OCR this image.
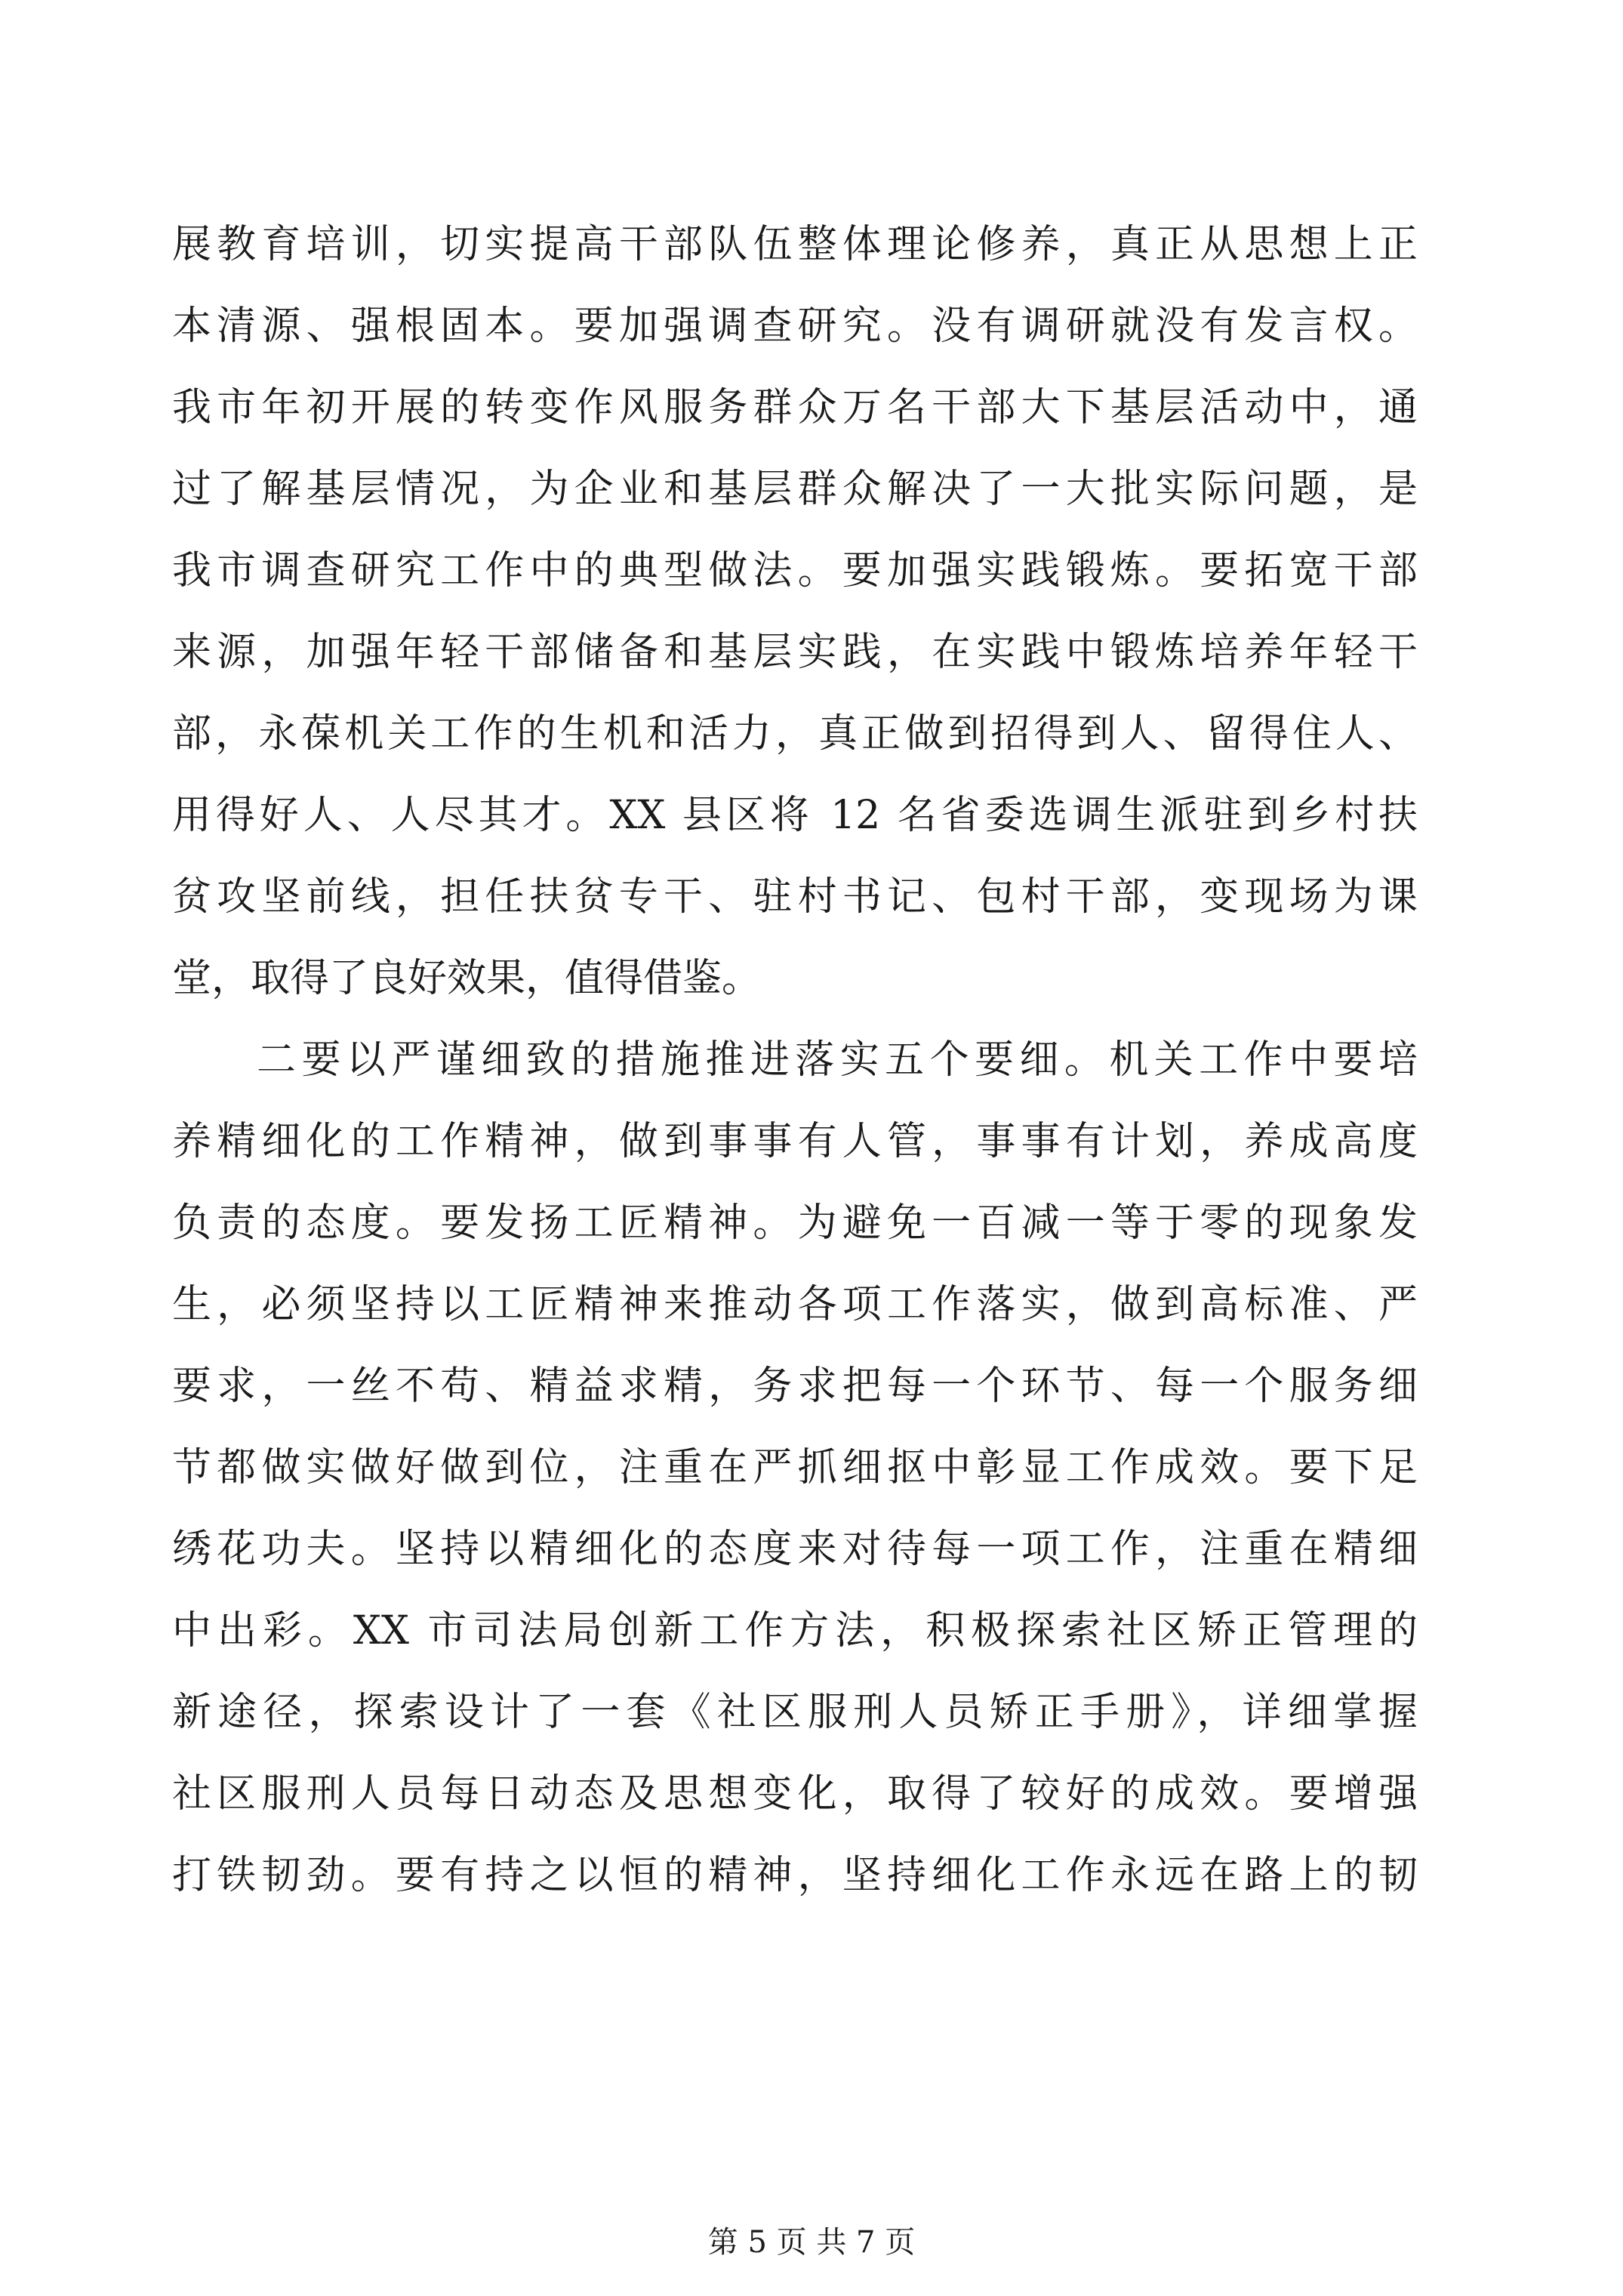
展教育培训，切实提高干部队伍整体理论修养，真正从思想上正
本清源、强根固本。要加强调查研究。没有调研就没有发言权。
我市年初开展的转变作风服务群众万名干部大下基层活动中，通
过了解基层情况，为企业和基层群众解决了一大批实际问题，是
我市调查研究工作中的典型做法。要加强实践锻炼。要拓宽干部
来源，加强年轻干部储备和基层实践，在实践中锻炼培养年轻干
部，永葆机关工作的生机和活力，真正做到招得到人、留得住人、
用得好人、人尽其才。XX 县区将 12 名省委选调生派驻到乡村扶
贫攻坚前线，担任扶贫专干、驻村书记、包村干部，变现场为课
堂，取得了良好效果，值得借鉴。
二要以严谨细致的措施推进落实五个要细。机关工作中要培
养精细化的工作精神，做到事事有人管，事事有计划，养成高度
负责的态度。要发扬工匠精神。为避免一百减一等于零的现象发
生，必须坚持以工匠精神来推动各项工作落实，做到高标准、严
要求，一丝不苟、精益求精，务求把每一个环节、每一个服务细
节都做实做好做到位，注重在严抓细抠中彰显工作成效。要下足
绣花功夫。坚持以精细化的态度来对待每一项工作，注重在精细
中出彩。XX 市司法局创新工作方法，积极探索社区矫正管理的
新途径，探索设计了一套《社区服刑人员矫正手册》，详细掌握
社区服刑人员每日动态及思想变化，取得了较好的成效。要增强
打铁韧劲。要有持之以恒的精神，坚持细化工作永远在路上的韧
第 5 页 共 7 页
